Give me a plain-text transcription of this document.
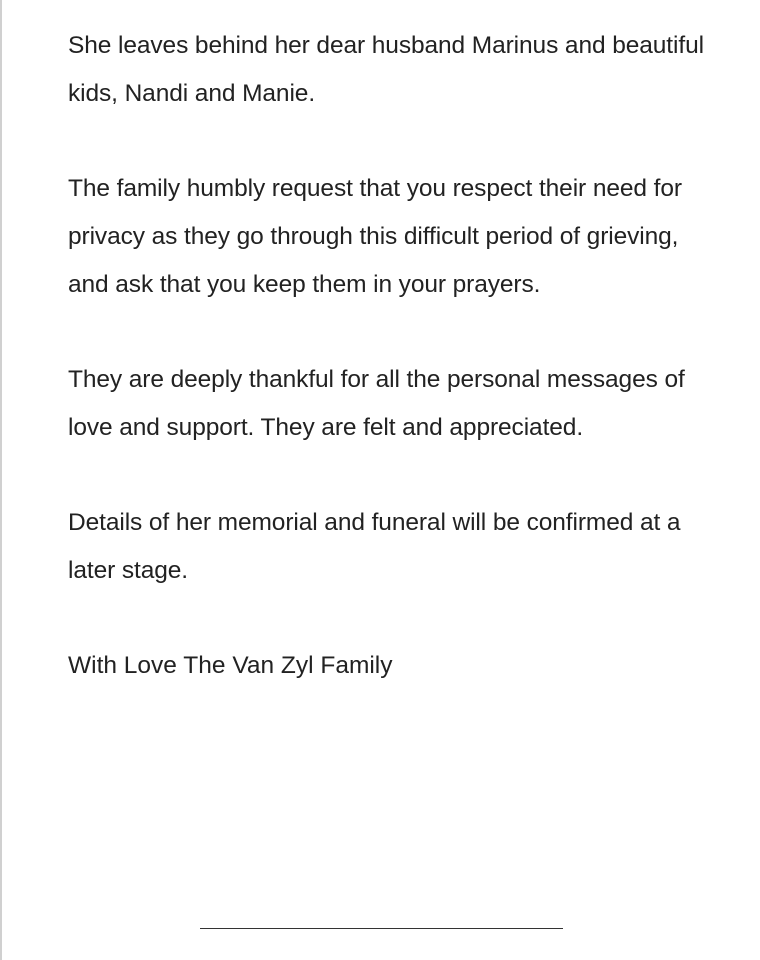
She leaves behind her dear husband Marinus and beautiful kids, Nandi and Manie.

The family humbly request that you respect their need for privacy as they go through this difficult period of grieving, and ask that you keep them in your prayers.

They are deeply thankful for all the personal messages of love and support. They are felt and appreciated.

Details of her memorial and funeral will be confirmed at a later stage.

With Love The Van Zyl Family
